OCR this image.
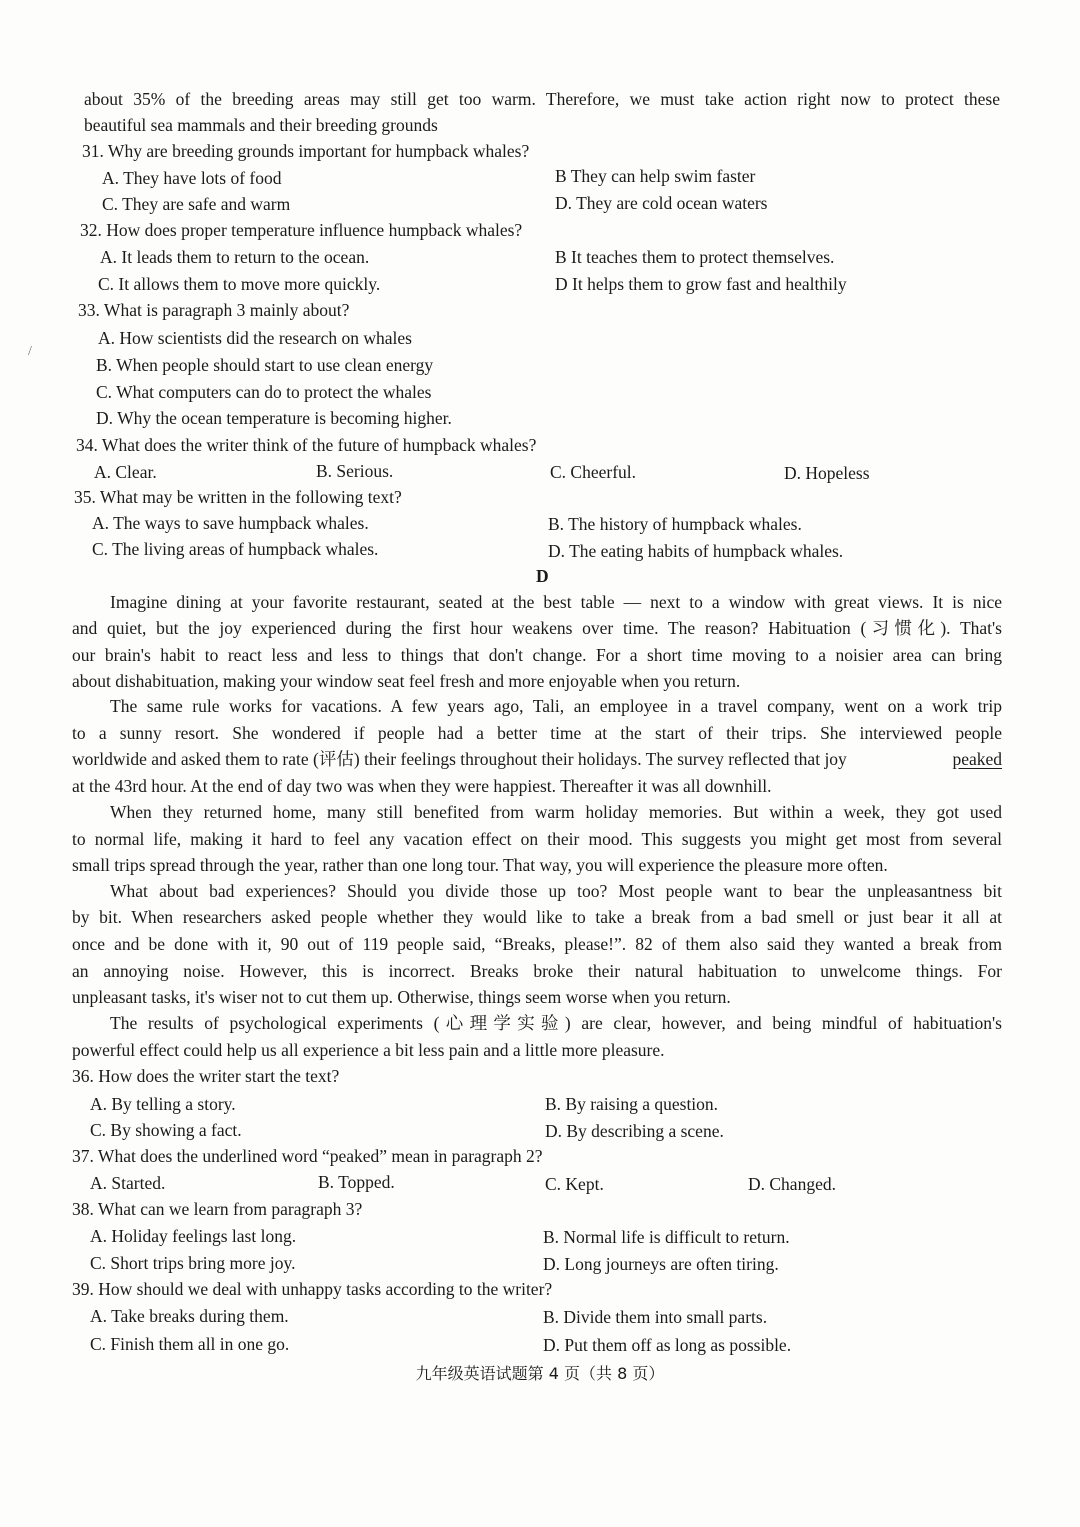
/
about 35% of the breeding areas may still get too warm. Therefore, we must take action right now to protect these
beautiful sea mammals and their breeding grounds
31. Why are breeding grounds important for humpback whales?
A. They have lots of food	B They can help swim faster
C. They are safe and warm	D. They are cold ocean waters
32. How does proper temperature influence humpback whales?
A. It leads them to return to the ocean.	B It teaches them to protect themselves.
C. It allows them to move more quickly.	D It helps them to grow fast and healthily
33. What is paragraph 3 mainly about?
A. How scientists did the research on whales
B. When people should start to use clean energy
C. What computers can do to protect the whales
D. Why the ocean temperature is becoming higher.
34. What does the writer think of the future of humpback whales?
A. Clear.	B. Serious.	C. Cheerful.	D. Hopeless
35. What may be written in the following text?
A. The ways to save humpback whales.	B. The history of humpback whales.
C. The living areas of humpback whales.	D. The eating habits of humpback whales.
D
Imagine dining at your favorite restaurant, seated at the best table — next to a window with great views. It is nice
and quiet, but the joy experienced during the first hour weakens over time. The reason? Habituation (习惯化). That's
our brain's habit to react less and less to things that don't change. For a short time moving to a noisier area can bring
about dishabituation, making your window seat feel fresh and more enjoyable when you return.
The same rule works for vacations. A few years ago, Tali, an employee in a travel company, went on a work trip
to a sunny resort. She wondered if people had a better time at the start of their trips. She interviewed people
worldwide and asked them to rate (评估) their feelings throughout their holidays. The survey reflected that joy	peaked
at the 43rd hour. At the end of day two was when they were happiest. Thereafter it was all downhill.
When they returned home, many still benefited from warm holiday memories. But within a week, they got used
to normal life, making it hard to feel any vacation effect on their mood. This suggests you might get most from several
small trips spread through the year, rather than one long tour. That way, you will experience the pleasure more often.
What about bad experiences? Should you divide those up too? Most people want to bear the unpleasantness bit
by bit. When researchers asked people whether they would like to take a break from a bad smell or just bear it all at
once and be done with it, 90 out of 119 people said, “Breaks, please!”. 82 of them also said they wanted a break from
an annoying noise. However, this is incorrect. Breaks broke their natural habituation to unwelcome things. For
unpleasant tasks, it's wiser not to cut them up. Otherwise, things seem worse when you return.
The results of psychological experiments (心理学实验) are clear, however, and being mindful of habituation's
powerful effect could help us all experience a bit less pain and a little more pleasure.
36. How does the writer start the text?
A. By telling a story.	B. By raising a question.
C. By showing a fact.	D. By describing a scene.
37. What does the underlined word “peaked” mean in paragraph 2?
A. Started.	B. Topped.	C. Kept.	D. Changed.
38. What can we learn from paragraph 3?
A. Holiday feelings last long.	B. Normal life is difficult to return.
C. Short trips bring more joy.	D. Long journeys are often tiring.
39. How should we deal with unhappy tasks according to the writer?
A. Take breaks during them.	B. Divide them into small parts.
C. Finish them all in one go.	D. Put them off as long as possible.
九年级英语试题第 4 页（共 8 页）
